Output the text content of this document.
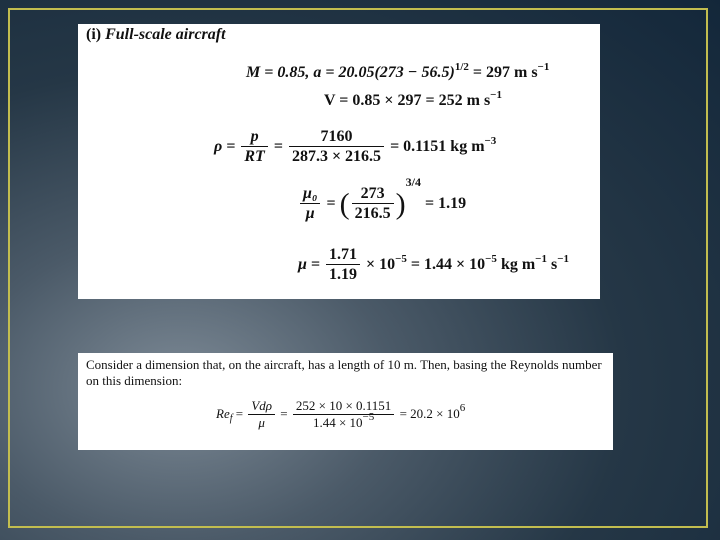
(i) Full-scale aircraft
M = 0.85, $a = 20.05(273 - 56.5)^{1/2} = 297$ m $s^{-1}$
V = 0.85 × 297 = 252 m $s^{-1}$
$\rho = \frac{p}{RT} = \frac{7160}{287.3 \times 216.5} = 0.1151$ kg $m^{-3}$
$\frac{\text{μ₀}}{\mu}$ = ( $\frac{273}{216.5} )^{3/4} = 1.19$
$\mu = \frac{1.71}{1.19} \times 10^{-5} = 1.44 \times 10^{-5}$ kg $m^{-1}$ $s^{-1}$
Consider a dimension that, on the aircraft, has a length of 10 m. Then, basing the Reynolds number on this dimension:
$Re_f = \frac{\text{Vdρ}}{\mu} = \frac{252 \times 10 \times 0.1151}{1.44 \times 10^{-5}} = 20.2 \times 10^6$
